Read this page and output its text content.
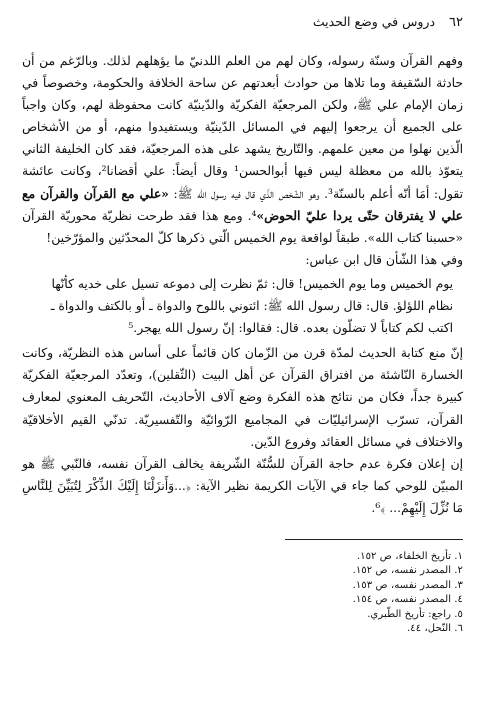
٦٢
دروس في وضع الحديث

وفهم القرآن وسنّة رسوله، وكان لهم من العلم اللدنيّ ما يؤهلهم لذلك. وبالرّغم من أن حادثة السّقيفة وما تلاها من حوادث أبعدتهم عن ساحة الخلافة والحكومة، وخصوصاً في زمان الإمام علي ﷺ، ولكن المرجعيّة الفكريّة والدّينيّة كانت محفوظة لهم، وكان واجباً على الجميع أن يرجعوا إليهم في المسائل الدّينيّة ويستفيدوا منهم، أو من الأشخاص الّذين نهلوا من معين علمهم. والتّاريخ يشهد على هذه المرجعيّة، فقد كان الخليفة الثاني يتعوّذ بالله من معظلة ليس فيها أبوالحسن¹ وقال أيضاً: علي أقضانا²، وكانت عائشة تقول: أمَا أنّه أعلم بالسنّة³. وهو الشّخص الذّي قال فيه رسول الله ﷺ: «علي مع القرآن والقرآن مع علي لا يفترقان حتّى يردا عليّ الحوض»⁴. ومع هذا فقد طرحت نظريّة محوريّة القرآن «حسبنا كتاب الله». طبقاً لواقعة يوم الخميس الّتي ذكرها كلّ المحدّثين والمؤرّخين!

وفي هذا الشّأن قال ابن عباس:

يوم الخميس وما يوم الخميس! قال: ثمّ نظرت إلى دموعه تسيل على خديه كأنّها

نظام اللؤلؤ. قال: قال رسول الله ﷺ: ائتوني باللوح والدواة ـ أو بالكتف والدواة ـ

اكتب لكم كتاباً لا تضلّون بعده. قال: فقالوا: إنّ رسول الله يهجر.⁵

إنّ منع كتابة الحديث لمدّة قرن من الزّمان كان قائماً على أساس هذه النظريّة، وكانت الخسارة النّاشئة من افتراق القرآن عن أهل البيت (الثّقلين)، وتعدّد المرجعيّة الفكريّة كبيرة جداً، فكان من نتائج هذه الفكرة وضع آلاف الأحاديث، التّحريف المعنوي لمعارف القرآن، تسرّب الإسرائيليّات في المجاميع الرّوائيّة والتّفسيريّة. تدنّي القيم الأخلاقيّة والاختلاف في مسائل العقائد وفروع الدّين.

إن إعلان فكرة عدم حاجة القرآن للسُّنّة الشّريفة يخالف القرآن نفسه، فالنّبي ﷺ هو المبيّن للوحي كما جاء في الآيات الكريمة نظير الآية: ﴿...وَأَنزَلْنَا إِلَيْكَ الذِّكْرَ لِتُبَيِّنَ لِلنَّاسِ مَا نُزِّلَ إِلَيْهِمْ... ﴾⁶.

١. تأريخ الخلفاء، ص ١٥٢.
٢. المصدر نفسه، ص ١٥٢.
٣. المصدر نفسه، ص ١٥٣.
٤. المصدر نفسه، ص ١٥٤.
٥. راجع: تأريخ الطّبري.
٦. النّحل، ٤٤.
